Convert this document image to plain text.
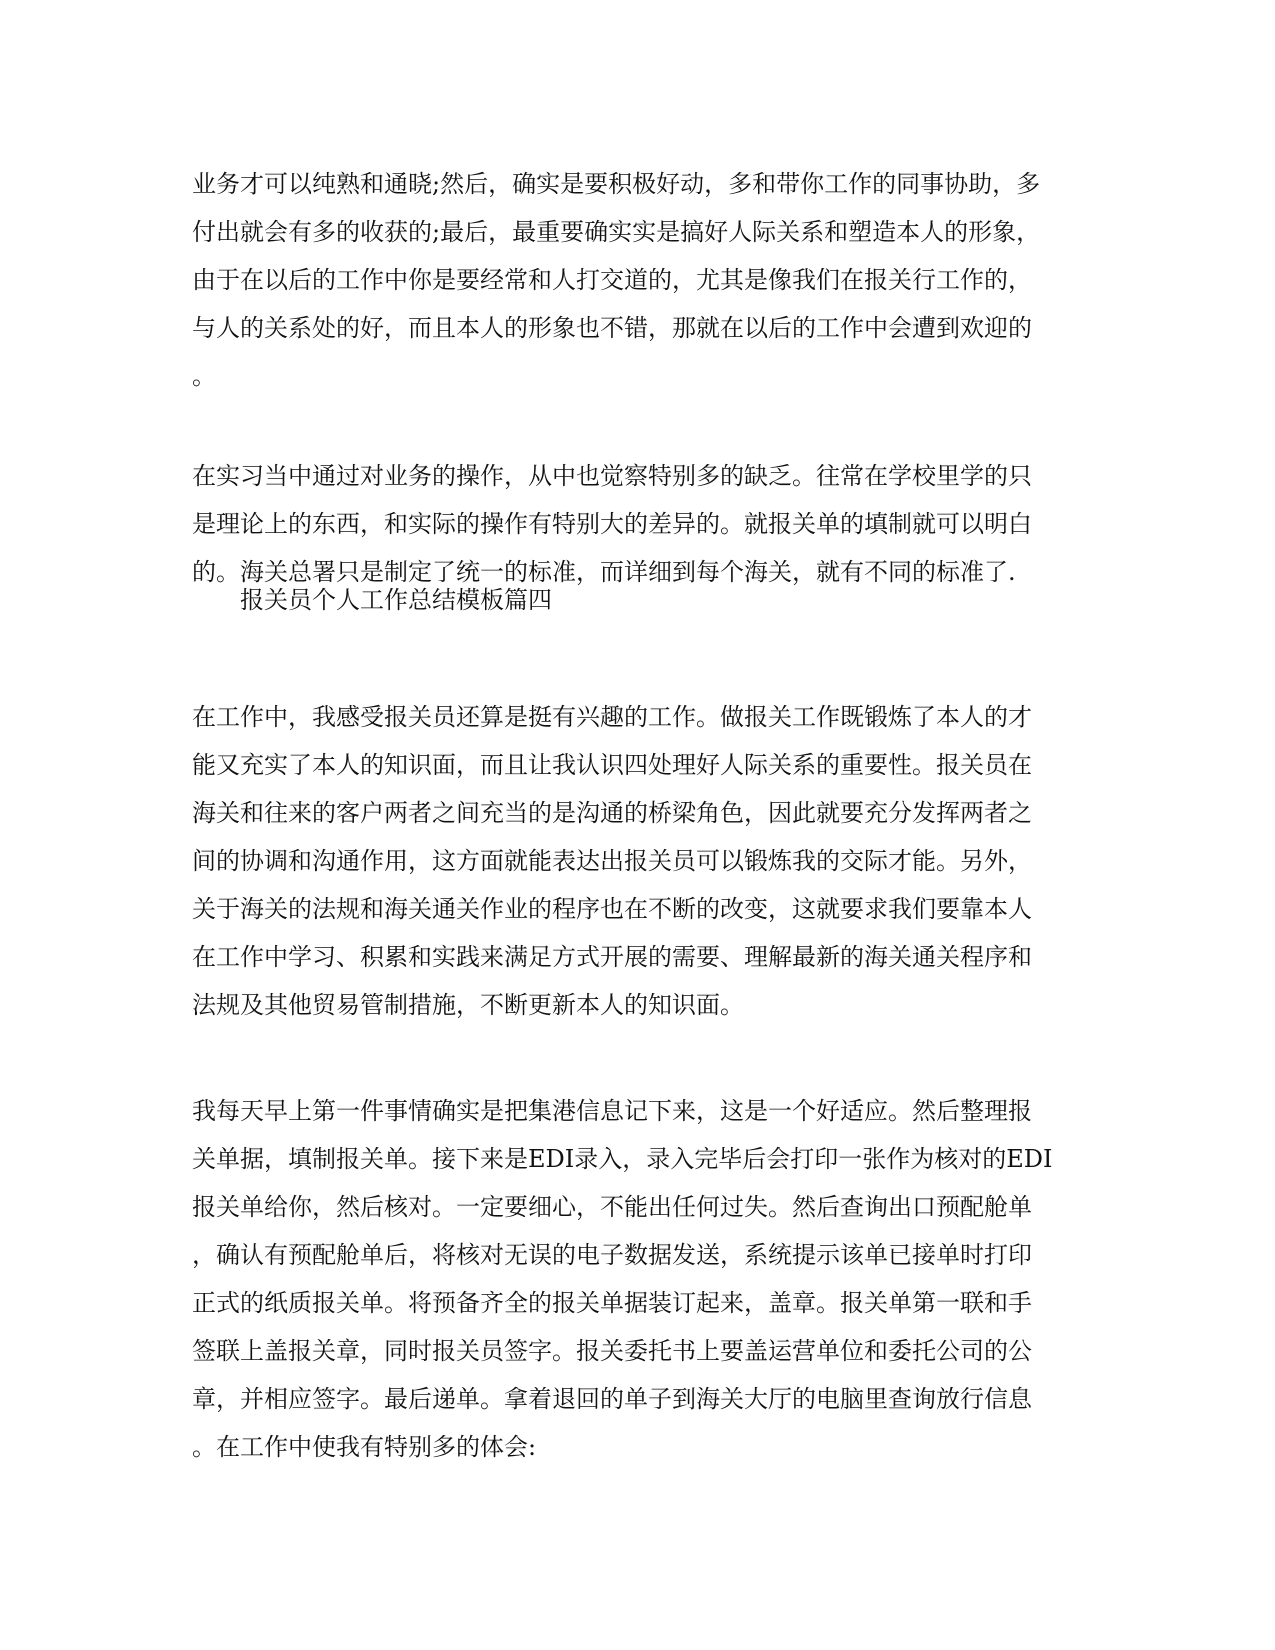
业务才可以纯熟和通晓;然后，确实是要积极好动，多和带你工作的同事协助，多
付出就会有多的收获的;最后，最重要确实实是搞好人际关系和塑造本人的形象，
由于在以后的工作中你是要经常和人打交道的，尤其是像我们在报关行工作的，
与人的关系处的好，而且本人的形象也不错，那就在以后的工作中会遭到欢迎的
。
在实习当中通过对业务的操作，从中也觉察特别多的缺乏。往常在学校里学的只
是理论上的东西，和实际的操作有特别大的差异的。就报关单的填制就可以明白
的。海关总署只是制定了统一的标准，而详细到每个海关，就有不同的标准了.
报关员个人工作总结模板篇四
在工作中，我感受报关员还算是挺有兴趣的工作。做报关工作既锻炼了本人的才
能又充实了本人的知识面，而且让我认识四处理好人际关系的重要性。报关员在
海关和往来的客户两者之间充当的是沟通的桥梁角色，因此就要充分发挥两者之
间的协调和沟通作用，这方面就能表达出报关员可以锻炼我的交际才能。另外，
关于海关的法规和海关通关作业的程序也在不断的改变，这就要求我们要靠本人
在工作中学习、积累和实践来满足方式开展的需要、理解最新的海关通关程序和
法规及其他贸易管制措施，不断更新本人的知识面。
我每天早上第一件事情确实是把集港信息记下来，这是一个好适应。然后整理报
关单据，填制报关单。接下来是EDI录入，录入完毕后会打印一张作为核对的EDI
报关单给你，然后核对。一定要细心，不能出任何过失。然后查询出口预配舱单
，确认有预配舱单后，将核对无误的电子数据发送，系统提示该单已接单时打印
正式的纸质报关单。将预备齐全的报关单据装订起来，盖章。报关单第一联和手
签联上盖报关章，同时报关员签字。报关委托书上要盖运营单位和委托公司的公
章，并相应签字。最后递单。拿着退回的单子到海关大厅的电脑里查询放行信息
。在工作中使我有特别多的体会:
